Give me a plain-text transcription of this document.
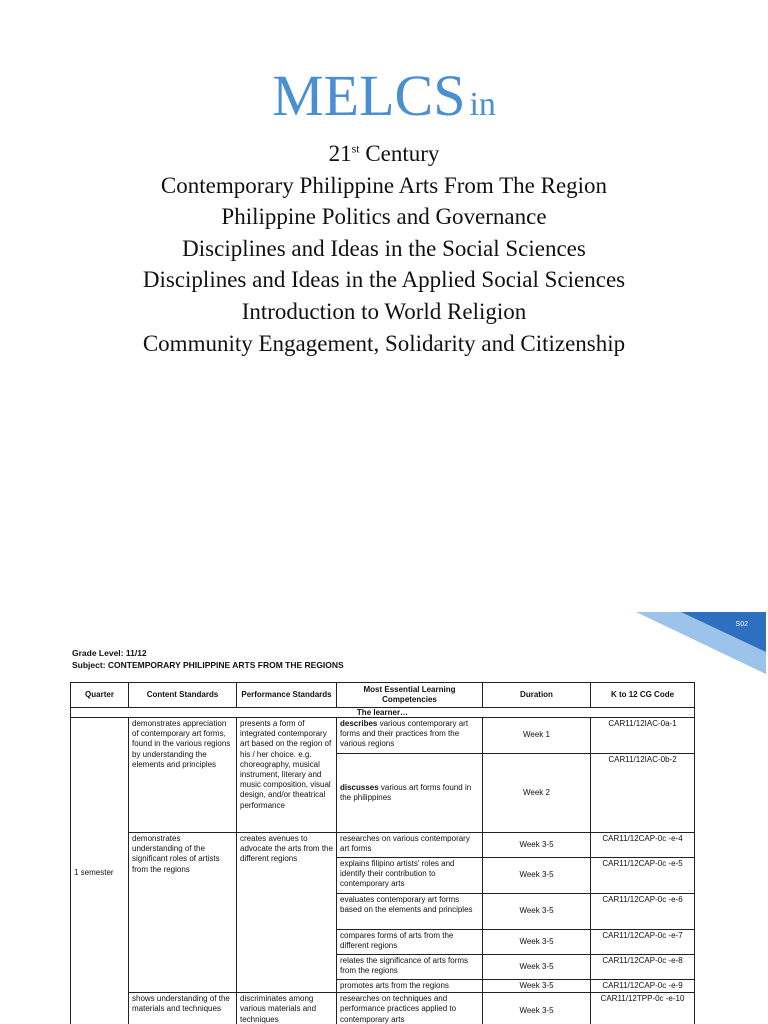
MELCS in
21st Century
Contemporary Philippine Arts From The Region
Philippine Politics and Governance
Disciplines and Ideas in the Social Sciences
Disciplines and Ideas in the Applied Social Sciences
Introduction to World Religion
Community Engagement, Solidarity and Citizenship
S02
Grade Level: 11/12
Subject: CONTEMPORARY PHILIPPINE ARTS FROM THE REGIONS
Quarter	Content Standards	Performance Standards	Most Essential Learning Competencies	Duration	K to 12 CG Code
The learner…					
1 semester	demonstrates appreciation of contemporary art forms, found in the various regions by understanding the elements and principles	presents a form of integrated contemporary art based on the region of his / her choice. e.g. choreography, musical instrument, literary and music composition, visual design, and/or theatrical performance	describes various contemporary art forms and their practices from the various regions	Week 1	CAR11/12IAC-0a-1
			discusses various art forms found in the philippines	Week 2	CAR11/12IAC-0b-2
	demonstrates understanding of the significant roles of artists from the regions	creates avenues to advocate the arts from the different regions	researches on various contemporary art forms	Week 3-5	CAR11/12CAP-0c -e-4
			explains filipino artists' roles and identify their contribution to contemporary arts	Week 3-5	CAR11/12CAP-0c -e-5
			evaluates contemporary art forms based on the elements and principles	Week 3-5	CAR11/12CAP-0c -e-6
			compares forms of arts from the different regions	Week 3-5	CAR11/12CAP-0c -e-7
			relates the significance of arts forms from the regions	Week 3-5	CAR11/12CAP-0c -e-8
			promotes arts from the regions	Week 3-5	CAR11/12CAP-0c -e-9
	shows understanding of the materials and techniques	discriminates among various materials and techniques	researches on techniques and performance practices applied to contemporary arts	Week 3-5	CAR11/12TPP-0c -e-10
